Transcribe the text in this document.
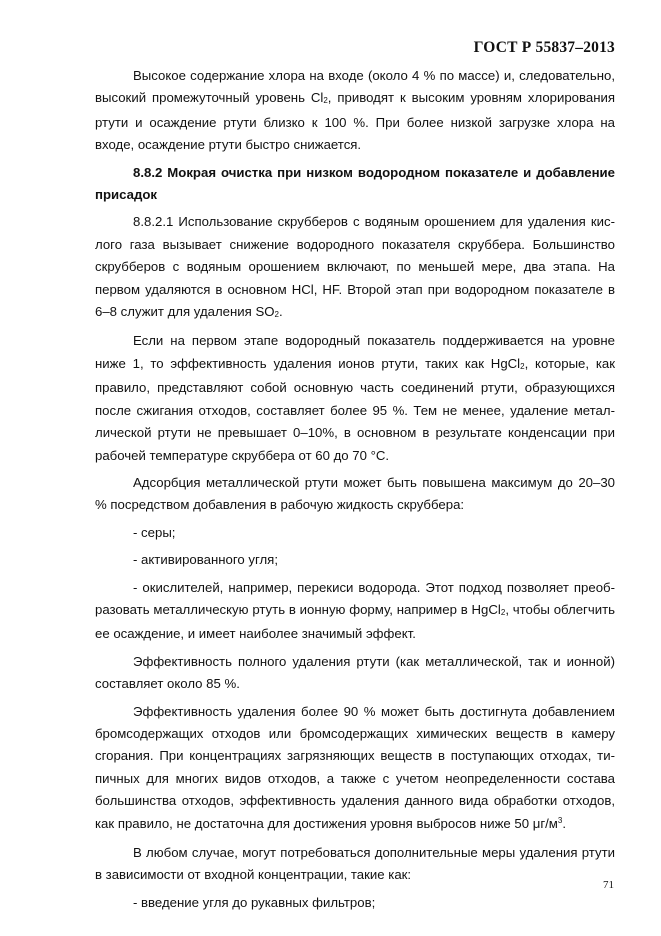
ГОСТ Р 55837–2013

Высокое содержание хлора на входе (около 4 % по массе) и, следовательно, высокий промежуточный уровень $Cl_2$, приводят к высоким уровням хлорирования ртути и осаждение ртути близко к 100 %. При более низкой загрузке хлора на входе, осаждение ртути быстро снижается.

8.8.2 Мокрая очистка при низком водородном показателе и добавление присадок

8.8.2.1 Использование скрубберов с водяным орошением для удаления кислого газа вызывает снижение водородного показателя скруббера. Большинство скрубберов с водяным орошением включают, по меньшей мере, два этапа. На первом удаляются в основном HCl, HF. Второй этап при водородном показателе в 6–8 служит для удаления $SO_2$.

Если на первом этапе водородный показатель поддерживается на уровне ниже 1, то эффективность удаления ионов ртути, таких как HgCl$_2$, которые, как правило, представляют собой основную часть соединений ртути, образующихся после сжигания отходов, составляет более 95 %. Тем не менее, удаление металлической ртути не превышает 0–10%, в основном в результате конденсации при рабочей температуре скруббера от 60 до 70 °С.

Адсорбция металлической ртути может быть повышена максимум до 20–30 % посредством добавления в рабочую жидкость скруббера:

- серы;

- активированного угля;

- окислителей, например, перекиси водорода. Этот подход позволяет преобразовать металлическую ртуть в ионную форму, например в HgCl$_2$, чтобы облегчить ее осаждение, и имеет наиболее значимый эффект.

Эффективность полного удаления ртути (как металлической, так и ионной) составляет около 85 %.

Эффективность удаления более 90 % может быть достигнута добавлением бромсодержащих отходов или бромсодержащих химических веществ в камеру сгорания. При концентрациях загрязняющих веществ в поступающих отходах, типичных для многих видов отходов, а также с учетом неопределенности состава большинства отходов, эффективность удаления данного вида обработки отходов, как правило, не достаточна для достижения уровня выбросов ниже 50 $\mu г/м^3$.

В любом случае, могут потребоваться дополнительные меры удаления ртути в зависимости от входной концентрации, такие как:

- введение угля до рукавных фильтров;

71
